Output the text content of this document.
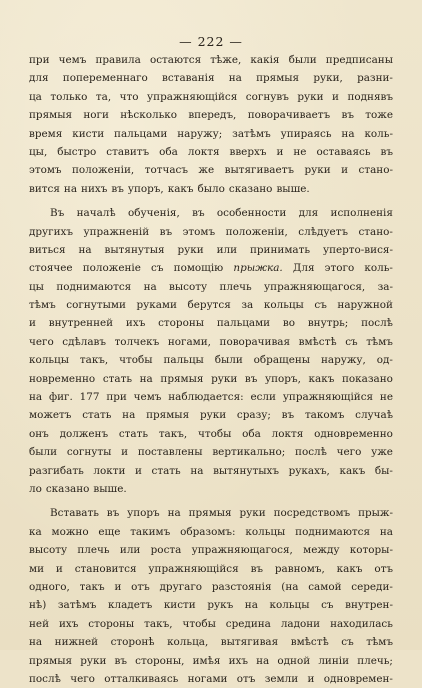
— 222 —
при чемъ правила остаются тѣже, какія были предписаны
для попеременнаго вставанія на прямыя руки, разни-
ца только та, что упражняющійся согнувъ руки и поднявъ
прямыя ноги нѣсколько впередъ, поворачиваетъ въ тоже
время кисти пальцами наружу; затѣмъ упираясь на коль-
цы, быстро ставитъ оба локтя вверхъ и не оставаясь въ
этомъ положеніи, тотчасъ же вытягиваетъ руки и стано-
вится на нихъ въ упоръ, какъ было сказано выше.
Въ началѣ обученія, въ особенности для исполненія
другихъ упражненій въ этомъ положеніи, слѣдуетъ стано-
виться на вытянутыя руки или принимать уперто-вися-
стоячее положеніе съ помощію прыжка. Для этого коль-
цы поднимаются на высоту плечь упражняющагося, за-
тѣмъ согнутыми руками берутся за кольцы съ наружной
и внутренней ихъ стороны пальцами во внутрь; послѣ
чего сдѣлавъ толчекъ ногами, поворачивая вмѣстѣ съ тѣмъ
кольцы такъ, чтобы пальцы были обращены наружу, од-
новременно стать на прямыя руки въ упоръ, какъ показано
на фиг. 177 при чемъ наблюдается: если упражняющійся не
можетъ стать на прямыя руки сразу; въ такомъ случаѣ
онъ долженъ стать такъ, чтобы оба локтя одновременно
были согнуты и поставлены вертикально; послѣ чего уже
разгибать локти и стать на вытянутыхъ рукахъ, какъ бы-
ло сказано выше.
Вставать въ упоръ на прямыя руки посредствомъ прыж-
ка можно еще такимъ образомъ: кольцы поднимаются на
высоту плечь или роста упражняющагося, между которы-
ми и становится упражняющійся въ равномъ, какъ отъ
одного, такъ и отъ другаго разстоянія (на самой середи-
нѣ) затѣмъ кладетъ кисти рукъ на кольцы съ внутрен-
ней ихъ стороны такъ, чтобы средина ладони находилась
на нижней сторонѣ кольца, вытягивая вмѣстѣ съ тѣмъ
прямыя руки въ стороны, имѣя ихъ на одной линіи плечь;
послѣ чего отталкиваясь ногами отъ земли и одновремен-
